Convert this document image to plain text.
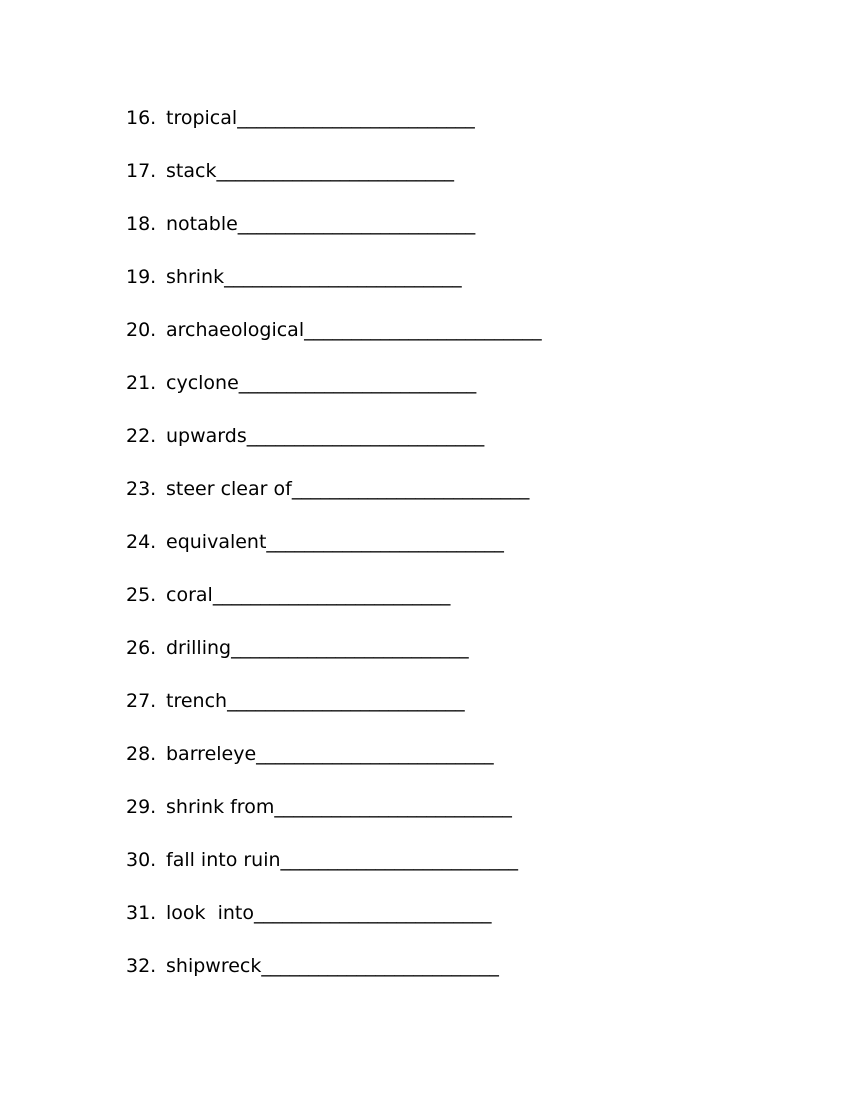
16. tropical _________________________
17. stack _________________________
18. notable _________________________
19. shrink _________________________
20. archaeological _________________________
21. cyclone _________________________
22. upwards _________________________
23. steer clear of _________________________
24. equivalent _________________________
25. coral _________________________
26. drilling _________________________
27. trench _________________________
28. barreleye _________________________
29. shrink from _________________________
30. fall into ruin _________________________
31. look  into _________________________
32. shipwreck _________________________
